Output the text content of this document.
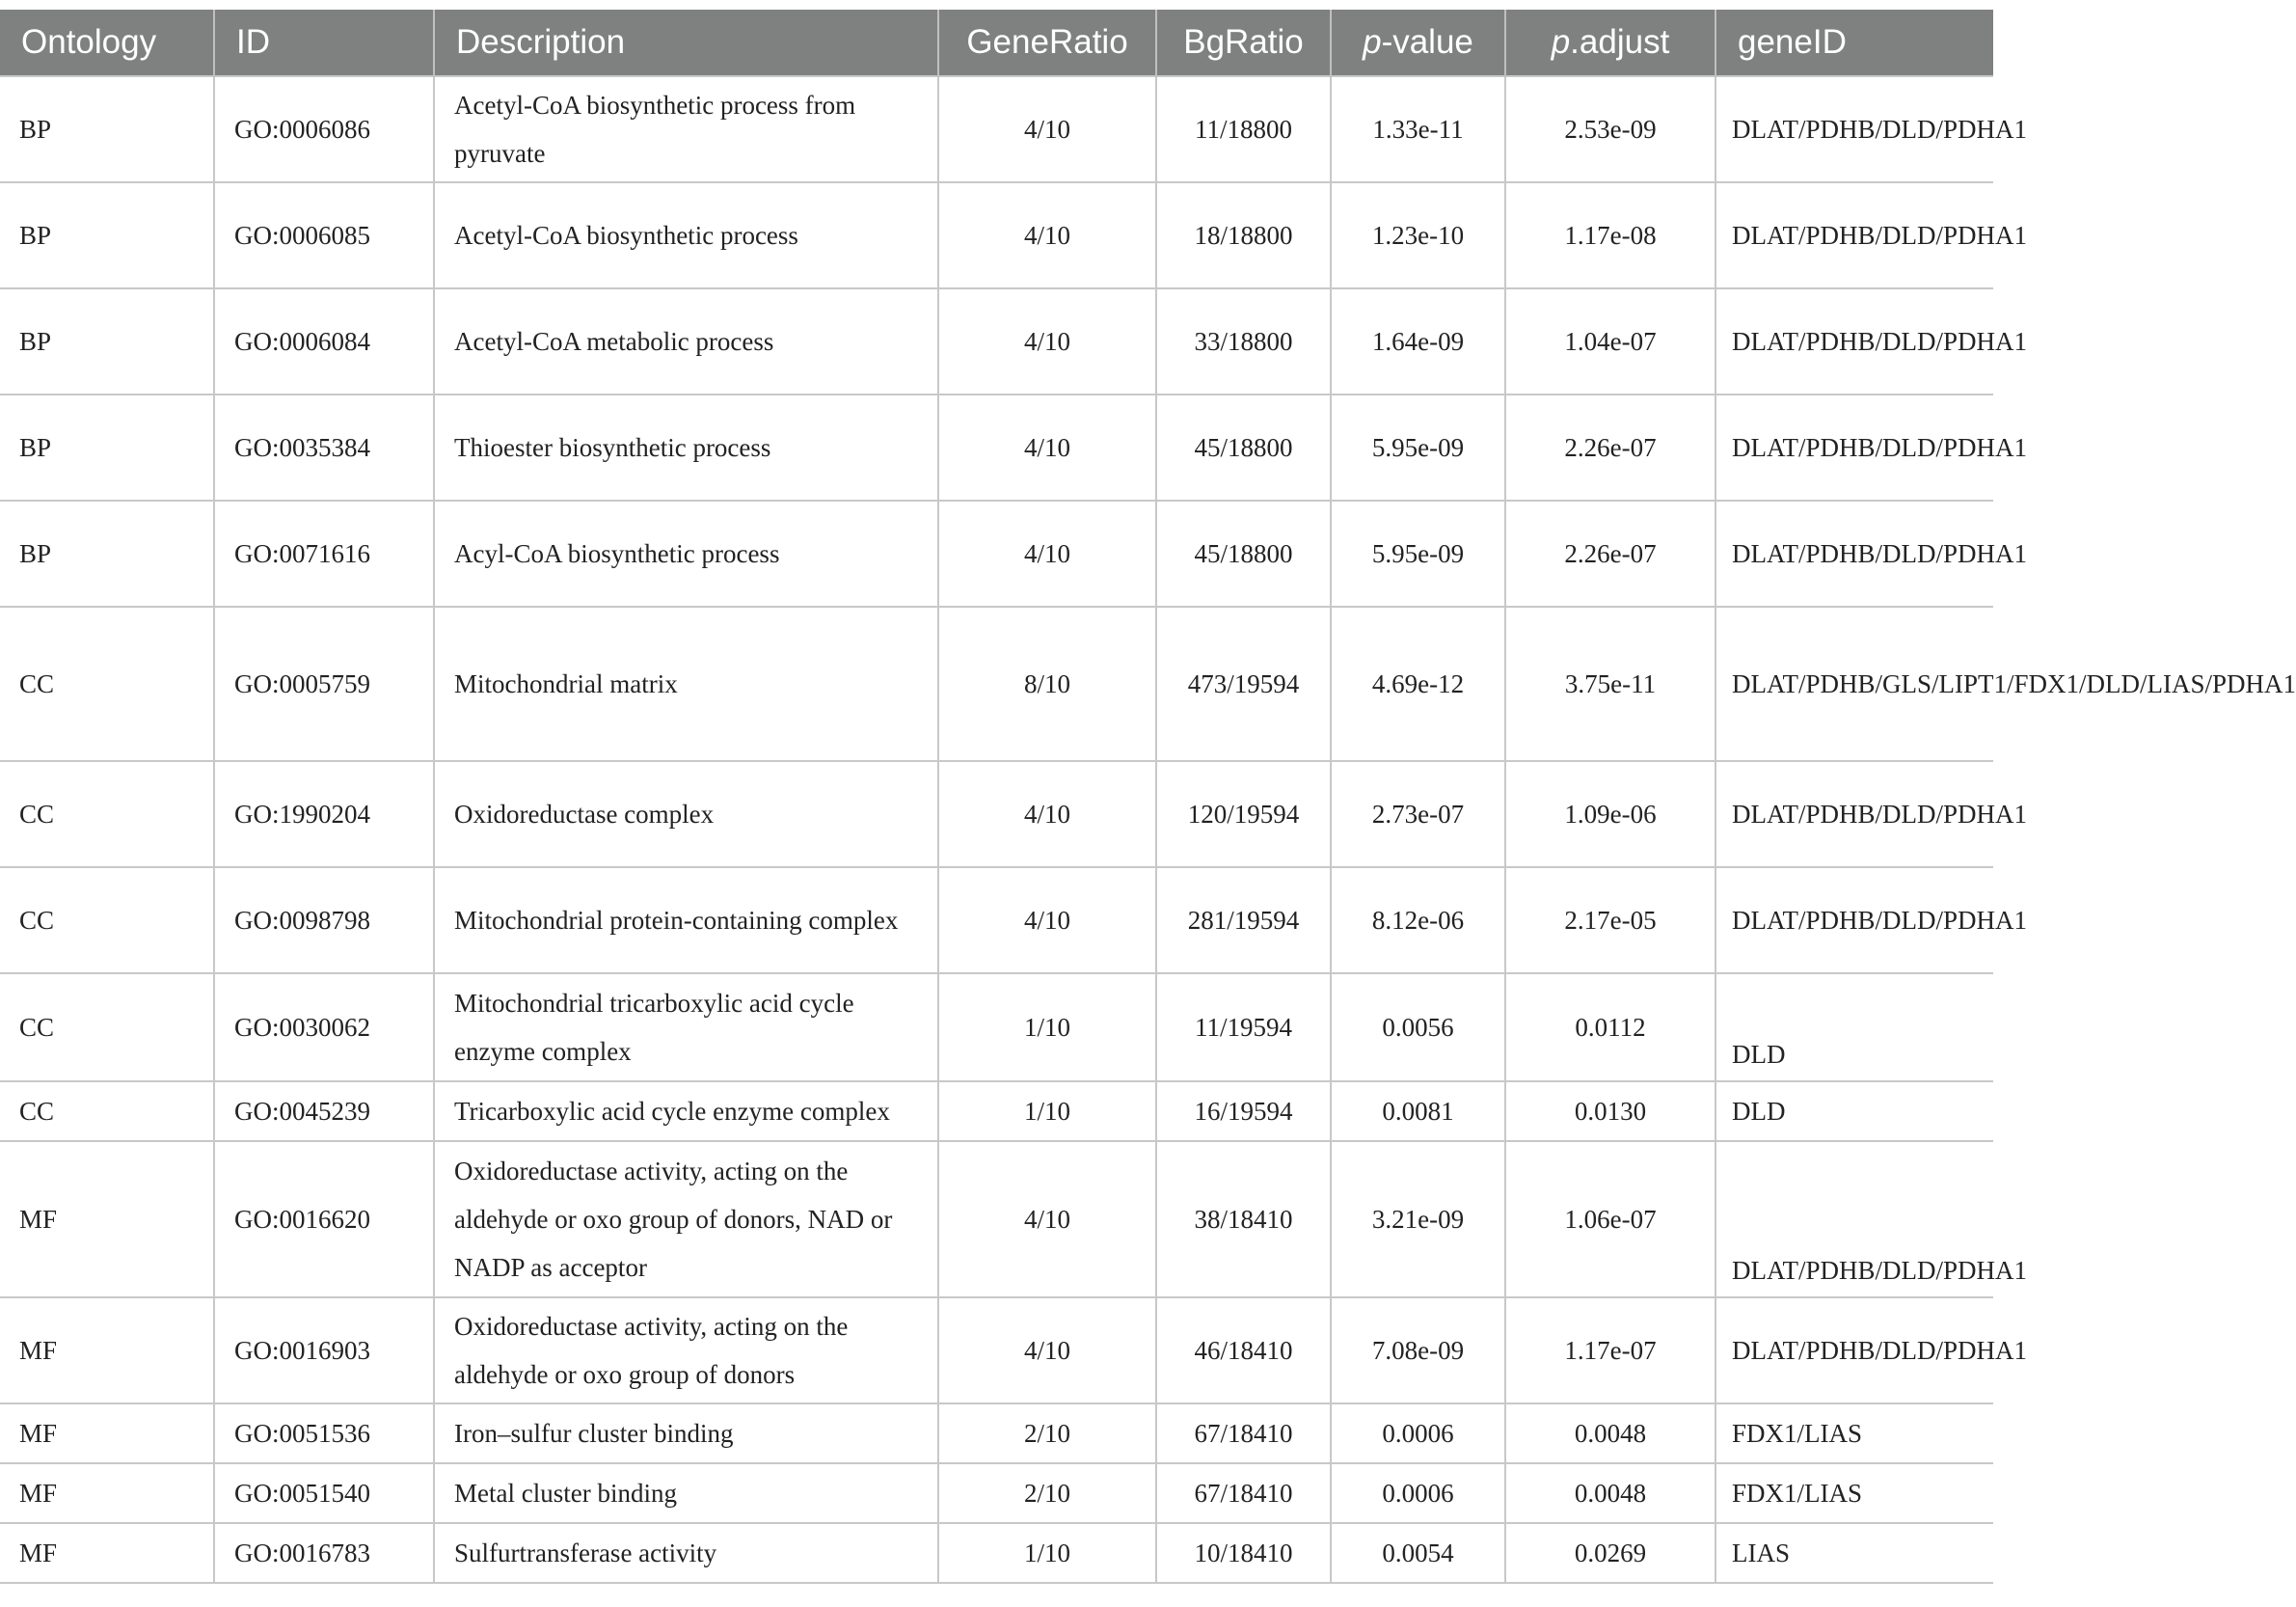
Ontology	ID	Description	GeneRatio	BgRatio	p-value	p.adjust	geneID
BP	GO:0006086	Acetyl-CoA biosynthetic process from pyruvate	4/10	11/18800	1.33e-11	2.53e-09	DLAT/PDHB/DLD/PDHA1
BP	GO:0006085	Acetyl-CoA biosynthetic process	4/10	18/18800	1.23e-10	1.17e-08	DLAT/PDHB/DLD/PDHA1
BP	GO:0006084	Acetyl-CoA metabolic process	4/10	33/18800	1.64e-09	1.04e-07	DLAT/PDHB/DLD/PDHA1
BP	GO:0035384	Thioester biosynthetic process	4/10	45/18800	5.95e-09	2.26e-07	DLAT/PDHB/DLD/PDHA1
BP	GO:0071616	Acyl-CoA biosynthetic process	4/10	45/18800	5.95e-09	2.26e-07	DLAT/PDHB/DLD/PDHA1
CC	GO:0005759	Mitochondrial matrix	8/10	473/19594	4.69e-12	3.75e-11	DLAT/PDHB/GLS/LIPT1/FDX1/DLD/LIAS/PDHA1
CC	GO:1990204	Oxidoreductase complex	4/10	120/19594	2.73e-07	1.09e-06	DLAT/PDHB/DLD/PDHA1
CC	GO:0098798	Mitochondrial protein-containing complex	4/10	281/19594	8.12e-06	2.17e-05	DLAT/PDHB/DLD/PDHA1
CC	GO:0030062	Mitochondrial tricarboxylic acid cycle enzyme complex	1/10	11/19594	0.0056	0.0112	DLD
CC	GO:0045239	Tricarboxylic acid cycle enzyme complex	1/10	16/19594	0.0081	0.0130	DLD
MF	GO:0016620	Oxidoreductase activity, acting on the aldehyde or oxo group of donors, NAD or NADP as acceptor	4/10	38/18410	3.21e-09	1.06e-07	DLAT/PDHB/DLD/PDHA1
MF	GO:0016903	Oxidoreductase activity, acting on the aldehyde or oxo group of donors	4/10	46/18410	7.08e-09	1.17e-07	DLAT/PDHB/DLD/PDHA1
MF	GO:0051536	Iron–sulfur cluster binding	2/10	67/18410	0.0006	0.0048	FDX1/LIAS
MF	GO:0051540	Metal cluster binding	2/10	67/18410	0.0006	0.0048	FDX1/LIAS
MF	GO:0016783	Sulfurtransferase activity	1/10	10/18410	0.0054	0.0269	LIAS
